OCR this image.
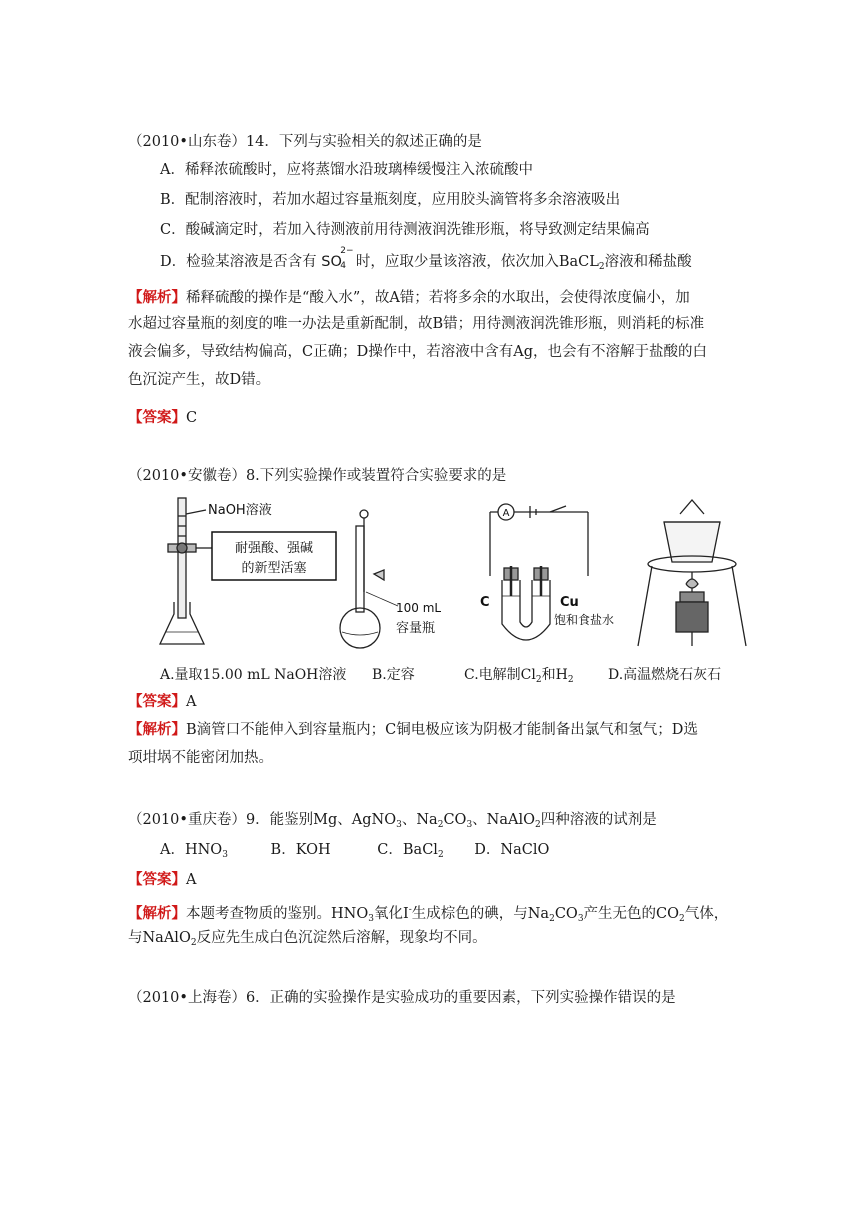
（2010•山东卷）14．下列与实验相关的叙述正确的是
A．稀释浓硫酸时，应将蒸馏水沿玻璃棒缓慢注入浓硫酸中
B．配制溶液时，若加水超过容量瓶刻度，应用胶头滴管将多余溶液吸出
C．酸碱滴定时，若加入待测液前用待测液润洗锥形瓶，将导致测定结果偏高
D．检验某溶液是否含有 SO
2−
4 时，应取少量该溶液，依次加入BaCL$_2$溶液和稀盐酸
【解析】稀释硫酸的操作是“酸入水”，故A错；若将多余的水取出，会使得浓度偏小，加
水超过容量瓶的刻度的唯一办法是重新配制，故B错；用待测液润洗锥形瓶，则消耗的标准
液会偏多，导致结构偏高，C正确；D操作中，若溶液中含有Ag，也会有不溶解于盐酸的白
色沉淀产生，故D错。
【答案】C
（2010•安徽卷）8.下列实验操作或装置符合实验要求的是
NaOH溶液
耐强酸、强碱
的新型活塞
100 mL
容量瓶
A
C	Cu
饱和食盐水
A.量取15.00 mL NaOH溶液 B.定容	C.电解制$Cl_2$和$H_2$ D.高温燃烧石灰石
【答案】A
【解析】B滴管口不能伸入到容量瓶内；C铜电极应该为阴极才能制备出氯气和氢气；D选
项坩埚不能密闭加热。
（2010•重庆卷）9．能鉴别Mg、AgNO$_3$、$Na_2CO_3$、NaAlO$_2$四种溶液的试剂是
A．$HNO_3$	B．KOH	C．BaCl$_2$ D．NaClO
【答案】A
【解析】本题考查物质的鉴别。$HNO_3$氧化I-生成棕色的碘，与$Na_2CO_3$产生无色的$CO_2$气体，
与NaAlO$_2$反应先生成白色沉淀然后溶解，现象均不同。
（2010•上海卷）6．正确的实验操作是实验成功的重要因素，下列实验操作错误的是
